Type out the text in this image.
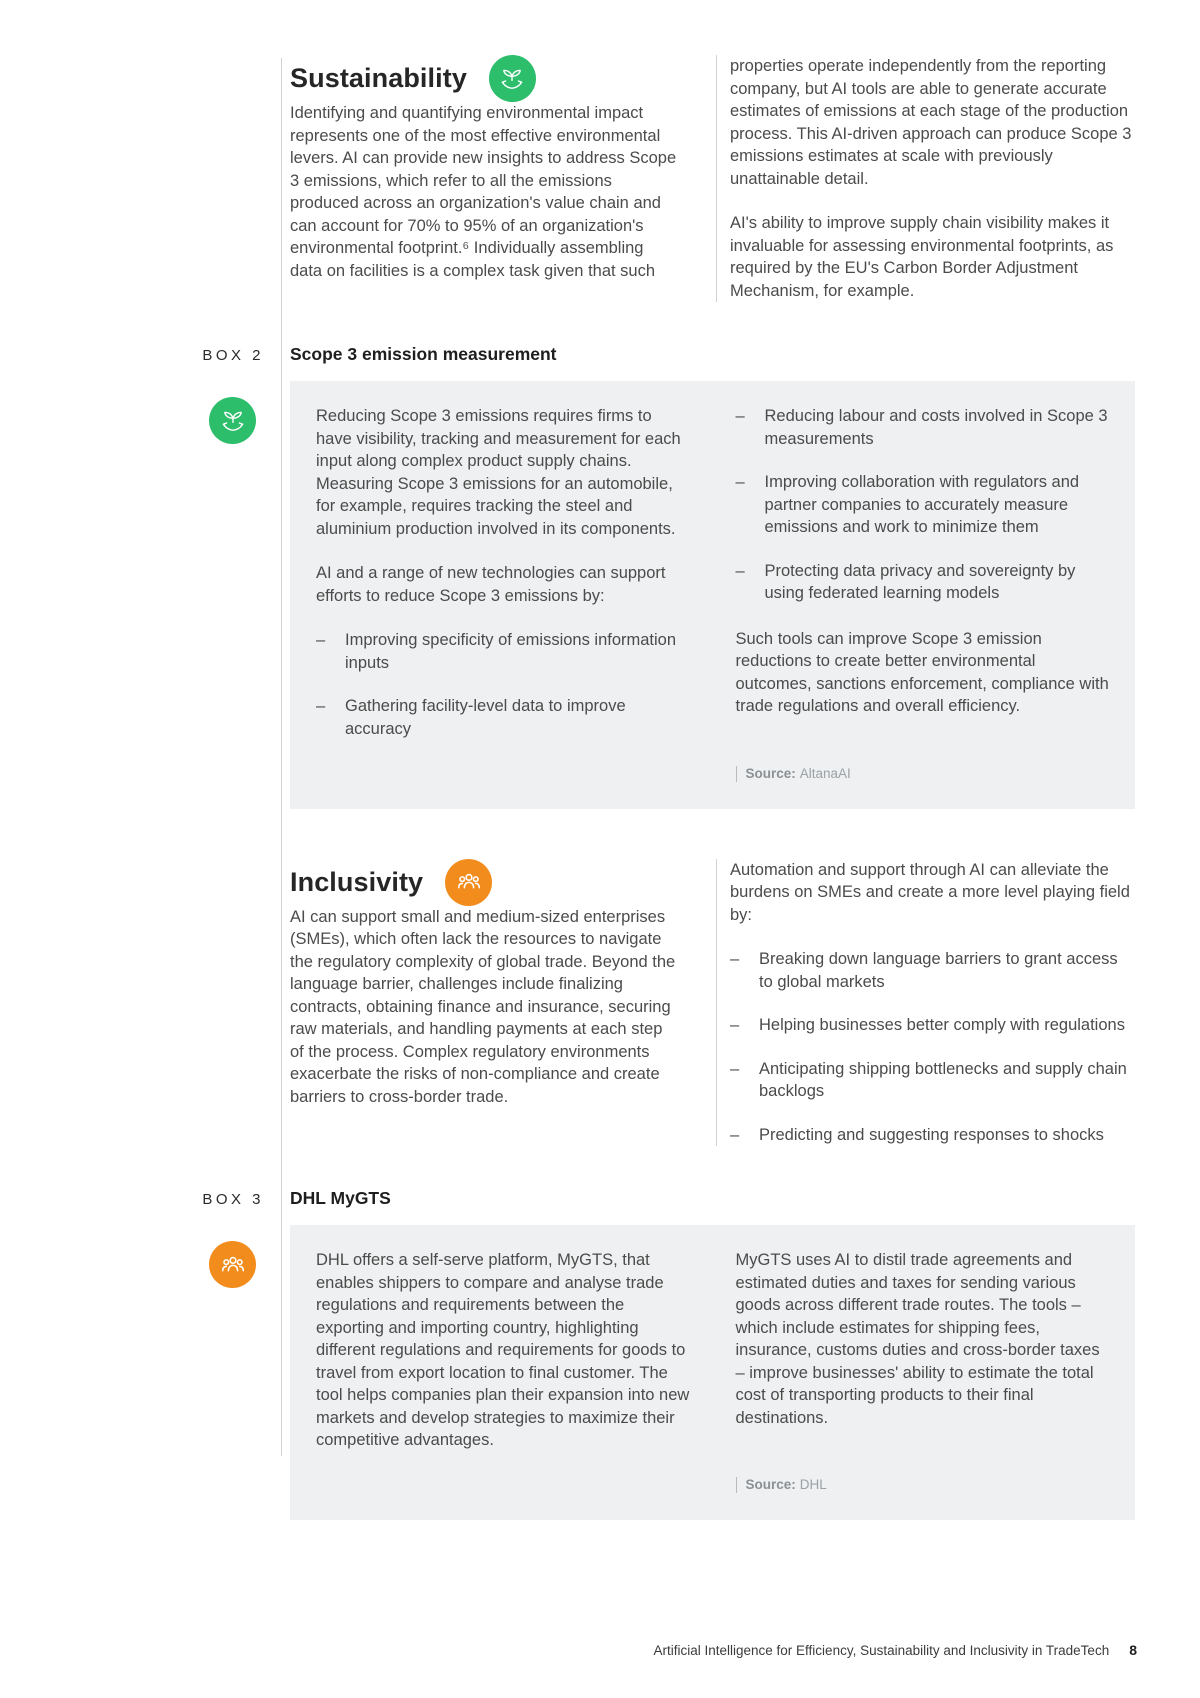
Sustainability

Identifying and quantifying environmental impact represents one of the most effective environmental levers. AI can provide new insights to address Scope 3 emissions, which refer to all the emissions produced across an organization's value chain and can account for 70% to 95% of an organization's environmental footprint.⁶ Individually assembling data on facilities is a complex task given that such

properties operate independently from the reporting company, but AI tools are able to generate accurate estimates of emissions at each stage of the production process. This AI-driven approach can produce Scope 3 emissions estimates at scale with previously unattainable detail.

AI's ability to improve supply chain visibility makes it invaluable for assessing environmental footprints, as required by the EU's Carbon Border Adjustment Mechanism, for example.

BOX 2 Scope 3 emission measurement

Reducing Scope 3 emissions requires firms to have visibility, tracking and measurement for each input along complex product supply chains. Measuring Scope 3 emissions for an automobile, for example, requires tracking the steel and aluminium production involved in its components.

AI and a range of new technologies can support efforts to reduce Scope 3 emissions by:

–	Improving specificity of emissions information inputs
–	Gathering facility-level data to improve accuracy
–	Reducing labour and costs involved in Scope 3 measurements
–	Improving collaboration with regulators and partner companies to accurately measure emissions and work to minimize them
–	Protecting data privacy and sovereignty by using federated learning models

Such tools can improve Scope 3 emission reductions to create better environmental outcomes, sanctions enforcement, compliance with trade regulations and overall efficiency.

Source: AltanaAI
Inclusivity

AI can support small and medium-sized enterprises (SMEs), which often lack the resources to navigate the regulatory complexity of global trade. Beyond the language barrier, challenges include finalizing contracts, obtaining finance and insurance, securing raw materials, and handling payments at each step of the process. Complex regulatory environments exacerbate the risks of non-compliance and create barriers to cross-border trade.

Automation and support through AI can alleviate the burdens on SMEs and create a more level playing field by:

–	Breaking down language barriers to grant access to global markets
–	Helping businesses better comply with regulations
–	Anticipating shipping bottlenecks and supply chain backlogs
–	Predicting and suggesting responses to shocks
BOX 3 DHL MyGTS

DHL offers a self-serve platform, MyGTS, that enables shippers to compare and analyse trade regulations and requirements between the exporting and importing country, highlighting different regulations and requirements for goods to travel from export location to final customer. The tool helps companies plan their expansion into new markets and develop strategies to maximize their competitive advantages.

MyGTS uses AI to distil trade agreements and estimated duties and taxes for sending various goods across different trade routes. The tools – which include estimates for shipping fees, insurance, customs duties and cross-border taxes – improve businesses' ability to estimate the total cost of transporting products to their final destinations.

Source: DHL
Artificial Intelligence for Efficiency, Sustainability and Inclusivity in TradeTech 8
